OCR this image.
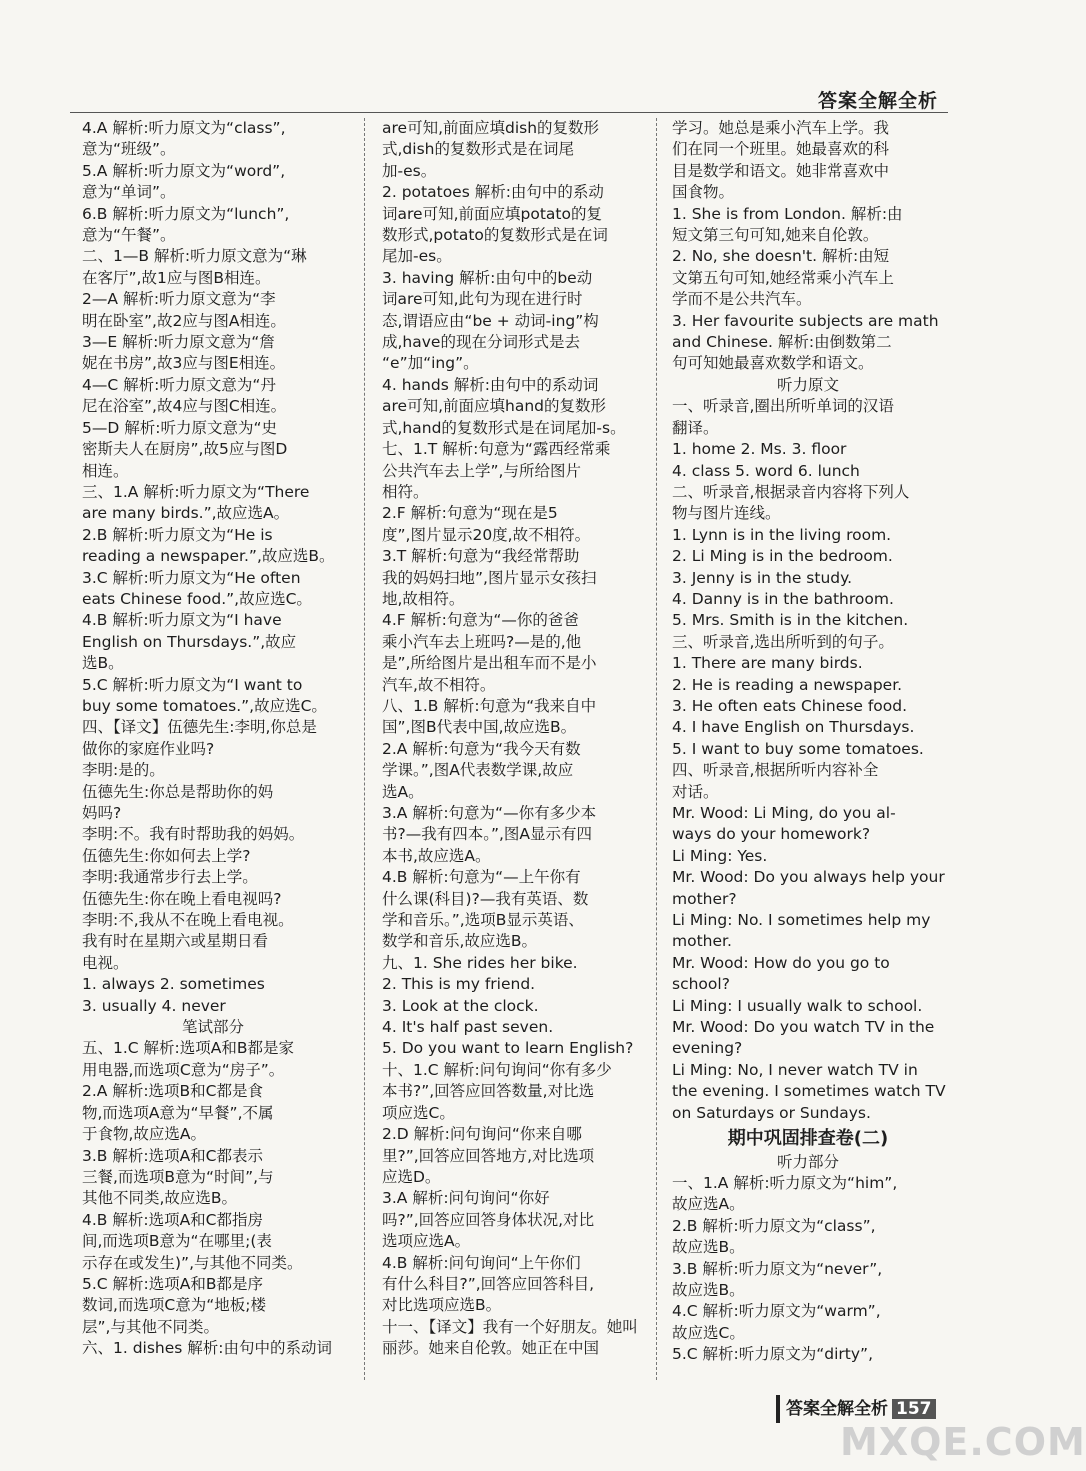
答案全解全析
4.A 解析:听力原文为“class”,
意为“班级”。
5.A 解析:听力原文为“word”,
意为“单词”。
6.B 解析:听力原文为“lunch”,
意为“午餐”。
二、1—B 解析:听力原文意为“琳
在客厅”,故1应与图B相连。
2—A 解析:听力原文意为“李
明在卧室”,故2应与图A相连。
3—E 解析:听力原文意为“詹
妮在书房”,故3应与图E相连。
4—C 解析:听力原文意为“丹
尼在浴室”,故4应与图C相连。
5—D 解析:听力原文意为“史
密斯夫人在厨房”,故5应与图D
相连。
三、1.A 解析:听力原文为“There
are many birds.”,故应选A。
2.B 解析:听力原文为“He is
reading a newspaper.”,故应选B。
3.C 解析:听力原文为“He often
eats Chinese food.”,故应选C。
4.B 解析:听力原文为“I have
English on Thursdays.”,故应
选B。
5.C 解析:听力原文为“I want to
buy some tomatoes.”,故应选C。
四、【译文】伍德先生:李明,你总是
做你的家庭作业吗?
李明:是的。
伍德先生:你总是帮助你的妈
妈吗?
李明:不。我有时帮助我的妈妈。
伍德先生:你如何去上学?
李明:我通常步行去上学。
伍德先生:你在晚上看电视吗?
李明:不,我从不在晚上看电视。
我有时在星期六或星期日看
电视。
1. always 2. sometimes
3. usually 4. never
笔试部分
五、1.C 解析:选项A和B都是家
用电器,而选项C意为“房子”。
2.A 解析:选项B和C都是食
物,而选项A意为“早餐”,不属
于食物,故应选A。
3.B 解析:选项A和C都表示
三餐,而选项B意为“时间”,与
其他不同类,故应选B。
4.B 解析:选项A和C都指房
间,而选项B意为“在哪里;(表
示存在或发生)”,与其他不同类。
5.C 解析:选项A和B都是序
数词,而选项C意为“地板;楼
层”,与其他不同类。
六、1. dishes 解析:由句中的系动词
are可知,前面应填dish的复数形
式,dish的复数形式是在词尾
加-es。
2. potatoes 解析:由句中的系动
词are可知,前面应填potato的复
数形式,potato的复数形式是在词
尾加-es。
3. having 解析:由句中的be动
词are可知,此句为现在进行时
态,谓语应由“be + 动词-ing”构
成,have的现在分词形式是去
“e”加“ing”。
4. hands 解析:由句中的系动词
are可知,前面应填hand的复数形
式,hand的复数形式是在词尾加-s。
七、1.T 解析:句意为“露西经常乘
公共汽车去上学”,与所给图片
相符。
2.F 解析:句意为“现在是5
度”,图片显示20度,故不相符。
3.T 解析:句意为“我经常帮助
我的妈妈扫地”,图片显示女孩扫
地,故相符。
4.F 解析:句意为“—你的爸爸
乘小汽车去上班吗?—是的,他
是”,所给图片是出租车而不是小
汽车,故不相符。
八、1.B 解析:句意为“我来自中
国”,图B代表中国,故应选B。
2.A 解析:句意为“我今天有数
学课。”,图A代表数学课,故应
选A。
3.A 解析:句意为“—你有多少本
书?—我有四本。”,图A显示有四
本书,故应选A。
4.B 解析:句意为“—上午你有
什么课(科目)?—我有英语、数
学和音乐。”,选项B显示英语、
数学和音乐,故应选B。
九、1. She rides her bike.
2. This is my friend.
3. Look at the clock.
4. It's half past seven.
5. Do you want to learn English?
十、1.C 解析:问句询问“你有多少
本书?”,回答应回答数量,对比选
项应选C。
2.D 解析:问句询问“你来自哪
里?”,回答应回答地方,对比选项
应选D。
3.A 解析:问句询问“你好
吗?”,回答应回答身体状况,对比
选项应选A。
4.B 解析:问句询问“上午你们
有什么科目?”,回答应回答科目,
对比选项应选B。
十一、【译文】我有一个好朋友。她叫
丽莎。她来自伦敦。她正在中国
学习。她总是乘小汽车上学。我
们在同一个班里。她最喜欢的科
目是数学和语文。她非常喜欢中
国食物。
1. She is from London. 解析:由
短文第三句可知,她来自伦敦。
2. No, she doesn't. 解析:由短
文第五句可知,她经常乘小汽车上
学而不是公共汽车。
3. Her favourite subjects are math
and Chinese. 解析:由倒数第二
句可知她最喜欢数学和语文。
听力原文
一、听录音,圈出所听单词的汉语
翻译。
1. home 2. Ms. 3. floor
4. class 5. word 6. lunch
二、听录音,根据录音内容将下列人
物与图片连线。
1. Lynn is in the living room.
2. Li Ming is in the bedroom.
3. Jenny is in the study.
4. Danny is in the bathroom.
5. Mrs. Smith is in the kitchen.
三、听录音,选出所听到的句子。
1. There are many birds.
2. He is reading a newspaper.
3. He often eats Chinese food.
4. I have English on Thursdays.
5. I want to buy some tomatoes.
四、听录音,根据所听内容补全
对话。
Mr. Wood: Li Ming, do you al-
ways do your homework?
Li Ming: Yes.
Mr. Wood: Do you always help your
mother?
Li Ming: No. I sometimes help my
mother.
Mr. Wood: How do you go to
school?
Li Ming: I usually walk to school.
Mr. Wood: Do you watch TV in the
evening?
Li Ming: No, I never watch TV in
the evening. I sometimes watch TV
on Saturdays or Sundays.
期中巩固排查卷(二)
听力部分
一、1.A 解析:听力原文为“him”,
故应选A。
2.B 解析:听力原文为“class”,
故应选B。
3.B 解析:听力原文为“never”,
故应选B。
4.C 解析:听力原文为“warm”,
故应选C。
5.C 解析:听力原文为“dirty”,
答案全解全析 157
MXQE.COM
